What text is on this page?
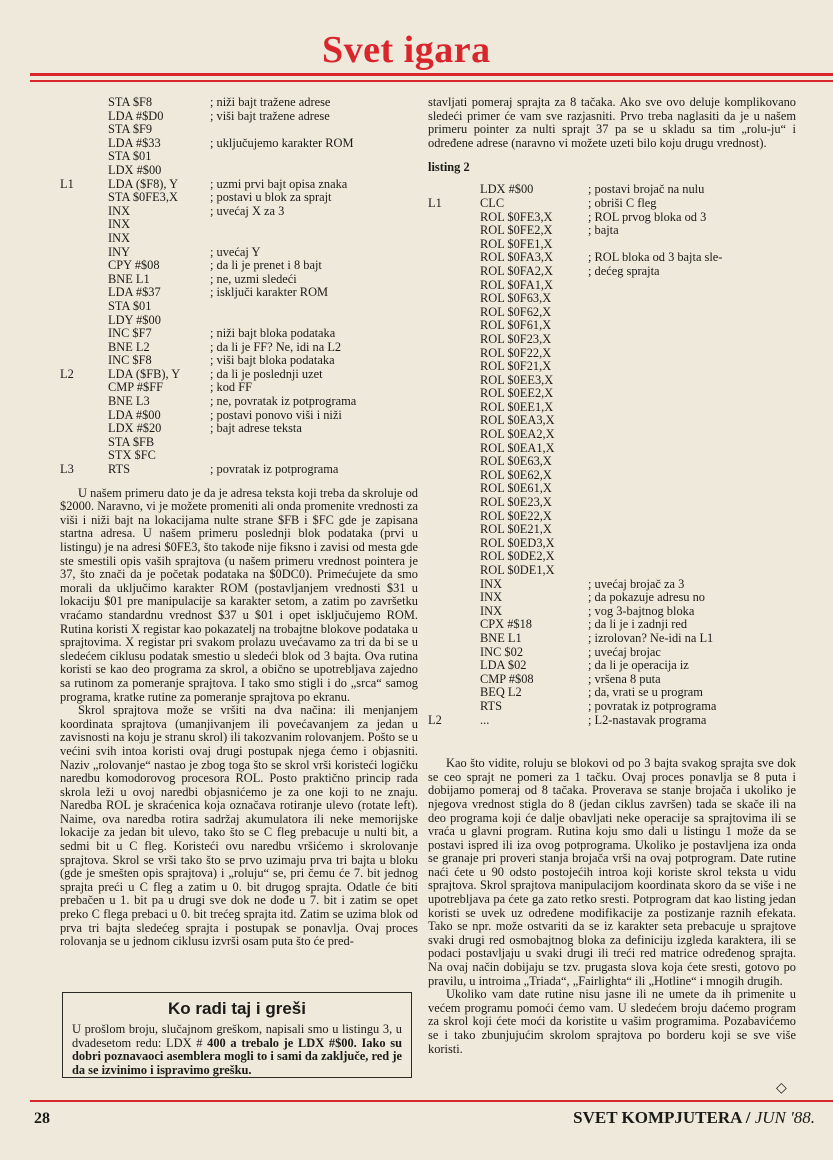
Svet igara
STA $F8	; niži bajt tražene adrese
LDA #$D0	; viši bajt tražene adrese
STA $F9
LDA #$33	; uključujemo karakter ROM
STA $01
LDX #$00
L1	LDA ($F8), Y	; uzmi prvi bajt opisa znaka
STA $0FE3,X	; postavi u blok za sprajt
INX	; uvećaj X za 3
INX
INX
INY	; uvećaj Y
CPY #$08	; da li je prenet i 8 bajt
BNE L1	; ne, uzmi sledeći
LDA #$37	; isključi karakter ROM
STA $01
LDY #$00
INC $F7	; niži bajt bloka podataka
BNE L2	; da li je FF? Ne, idi na L2
INC $F8	; viši bajt bloka podataka
L2	LDA ($FB), Y	; da li je poslednji uzet
CMP #$FF	; kod FF
BNE L3	; ne, povratak iz potprograma
LDA #$00	; postavi ponovo viši i niži
LDX #$20	; bajt adrese teksta
STA $FB
STX $FC
L3	RTS	; povratak iz potprograma

U našem primeru dato je da je adresa teksta koji treba da skroluje od $2000. Naravno, vi je možete promeniti ali onda promenite vrednosti za viši i niži bajt na lokacijama nulte strane $FB i $FC gde je zapisana startna adresa. U našem primeru poslednji blok podataka (prvi u listingu) je na adresi $0FE3, što takođe nije fiksno i zavisi od mesta gde ste smestili opis vaših sprajtova (u našem primeru vrednost pointera je 37, što znači da je početak podataka na $0DC0). Primećujete da smo morali da uključimo karakter ROM (postavljanjem vrednosti $31 u lokaciju $01 pre manipulacije sa karakter setom, a zatim po završetku vraćamo standardnu vrednost $37 u $01 i opet isključujemo ROM. Rutina koristi X registar kao pokazatelj na trobajtne blokove podataka u sprajtovima. X registar pri svakom prolazu uvećavamo za tri da bi se u sledećem ciklusu podatak smestio u sledeći blok od 3 bajta. Ova rutina koristi se kao deo programa za skrol, a obično se upotrebljava zajedno sa rutinom za pomeranje sprajtova. I tako smo stigli i do „srca“ samog programa, kratke rutine za pomeranje sprajtova po ekranu.

Skrol sprajtova može se vršiti na dva načina: ili menjanjem koordinata sprajtova (umanjivanjem ili povećavanjem za jedan u zavisnosti na koju je stranu skrol) ili takozvanim rolovanjem. Pošto se u većini svih intoa koristi ovaj drugi postupak njega ćemo i objasniti. Naziv „rolovanje“ nastao je zbog toga što se skrol vrši koristeći logičku naredbu komodorovog procesora ROL. Posto praktično princip rada skrola leži u ovoj naredbi objasnićemo je za one koji to ne znaju. Naredba ROL je skraćenica koja označava rotiranje ulevo (rotate left). Naime, ova naredba rotira sadržaj akumulatora ili neke memorijske lokacije za jedan bit ulevo, tako što se C fleg prebacuje u nulti bit, a sedmi bit u C fleg. Koristeći ovu naredbu vršićemo i skrolovanje sprajtova. Skrol se vrši tako što se prvo uzimaju prva tri bajta u bloku (gde je smešten opis sprajtova) i „roluju“ se, pri čemu će 7. bit jednog sprajta preći u C fleg a zatim u 0. bit drugog sprajta. Odatle će biti prebačen u 1. bit pa u drugi sve dok ne dođe u 7. bit i zatim se opet preko C flega prebaci u 0. bit trećeg sprajta itd. Zatim se uzima blok od prva tri bajta sledećeg sprajta i postupak se ponavlja. Ovaj proces rolovanja se u jednom ciklusu izvrši osam puta što će pred-

Ko radi taj i greši

U prošlom broju, slučajnom greškom, napisali smo u listingu 3, u dvadesetom redu: LDX # 400 a trebalo je LDX #$00. Iako su dobri poznavaoci asemblera mogli to i sami da zaključe, red je da se izvinimo i ispravimo grešku.

stavljati pomeraj sprajta za 8 tačaka. Ako sve ovo deluje komplikovano sledeći primer će vam sve razjasniti. Prvo treba naglasiti da je u našem primeru pointer za nulti sprajt 37 pa se u skladu sa tim „rolu-ju“ i određene adrese (naravno vi možete uzeti bilo koju drugu vrednost).

listing 2
LDX #$00	; postavi brojač na nulu
L1	CLC	; obriši C fleg
ROL $0FE3,X	; ROL prvog bloka od 3
ROL $0FE2,X	; bajta
ROL $0FE1,X
ROL $0FA3,X	; ROL bloka od 3 bajta sle-
ROL $0FA2,X	; dećeg sprajta
ROL $0FA1,X
ROL $0F63,X
ROL $0F62,X
ROL $0F61,X
ROL $0F23,X
ROL $0F22,X
ROL $0F21,X
ROL $0EE3,X
ROL $0EE2,X
ROL $0EE1,X
ROL $0EA3,X
ROL $0EA2,X
ROL $0EA1,X
ROL $0E63,X
ROL $0E62,X
ROL $0E61,X
ROL $0E23,X
ROL $0E22,X
ROL $0E21,X
ROL $0ED3,X
ROL $0DE2,X
ROL $0DE1,X
INX	; uvećaj brojač za 3
INX	; da pokazuje adresu no
INX	; vog 3-bajtnog bloka
CPX #$18	; da li je i zadnji red
BNE L1	; izrolovan? Ne-idi na L1
INC $02	; uvećaj brojac
LDA $02	; da li je operacija iz
CMP #$08	; vršena 8 puta
BEQ L2	; da, vrati se u program
RTS	; povratak iz potprograma
L2	...	; L2-nastavak programa

Kao što vidite, roluju se blokovi od po 3 bajta svakog sprajta sve dok se ceo sprajt ne pomeri za 1 tačku. Ovaj proces ponavlja se 8 puta i dobijamo pomeraj od 8 tačaka. Proverava se stanje brojača i ukoliko je njegova vrednost stigla do 8 (jedan ciklus završen) tada se skače ili na deo programa koji će dalje obavljati neke operacije sa sprajtovima ili se vraća u glavni program. Rutina koju smo dali u listingu 1 može da se postavi ispred ili iza ovog potprograma. Ukoliko je postavljena iza onda se granaje pri proveri stanja brojača vrši na ovaj potprogram. Date rutine naći ćete u 90 odsto postojećih introa koji koriste skrol teksta u vidu sprajtova. Skrol sprajtova manipulacijom koordinata skoro da se više i ne upotrebljava pa ćete ga zato retko sresti. Potprogram dat kao listing jedan koristi se uvek uz određene modifikacije za postizanje raznih efekata. Tako se npr. može ostvariti da se iz karakter seta prebacuje u sprajtove svaki drugi red osmobajtnog bloka za definiciju izgleda karaktera, ili se podaci postavljaju u svaki drugi ili treći red matrice određenog sprajta. Na ovaj način dobijaju se tzv. prugasta slova koja ćete sresti, gotovo po pravilu, u introima „Triada“, „Fairlighta“ ili „Hotline“ i mnogih drugih.

Ukoliko vam date rutine nisu jasne ili ne umete da ih primenite u većem programu pomoći ćemo vam. U sledećem broju daćemo program za skrol koji ćete moći da koristite u vašim programima. Pozabavićemo se i tako zbunjujućim skrolom sprajtova po borderu koji se sve više koristi.

◇
28	SVET KOMPJUTERA / JUN '88.
